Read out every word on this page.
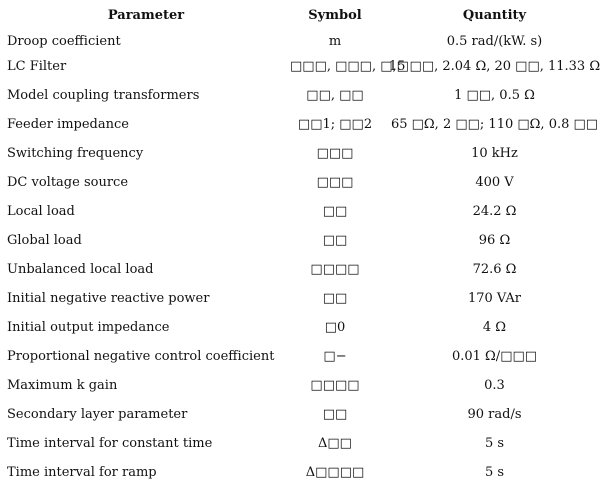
Parameter	Symbol	Quantity
Droop coefficient	m	0.5 rad/(kW. s)
LC Filter	□□□, □□□, □,□	15 □□, 2.04 Ω, 20 □□, 11.33 Ω
Model coupling transformers	□□, □□	1 □□, 0.5 Ω
Feeder impedance	□□1; □□2	65 □Ω, 2 □□; 110 □Ω, 0.8 □□
Switching frequency	□□□	10 kHz
DC voltage source	□□□	400 V
Local load	□□	24.2 Ω
Global load	□□	96 Ω
Unbalanced local load	□□□□	72.6 Ω
Initial negative reactive power	□□	170 VAr
Initial output impedance	□0	4 Ω
Proportional negative control coefficient	□−	0.01 Ω/□□□
Maximum k gain	□□□□	0.3
Secondary layer parameter	□□	90 rad/s
Time interval for constant time	Δ□□	5 s
Time interval for ramp	Δ□□□□	5 s
